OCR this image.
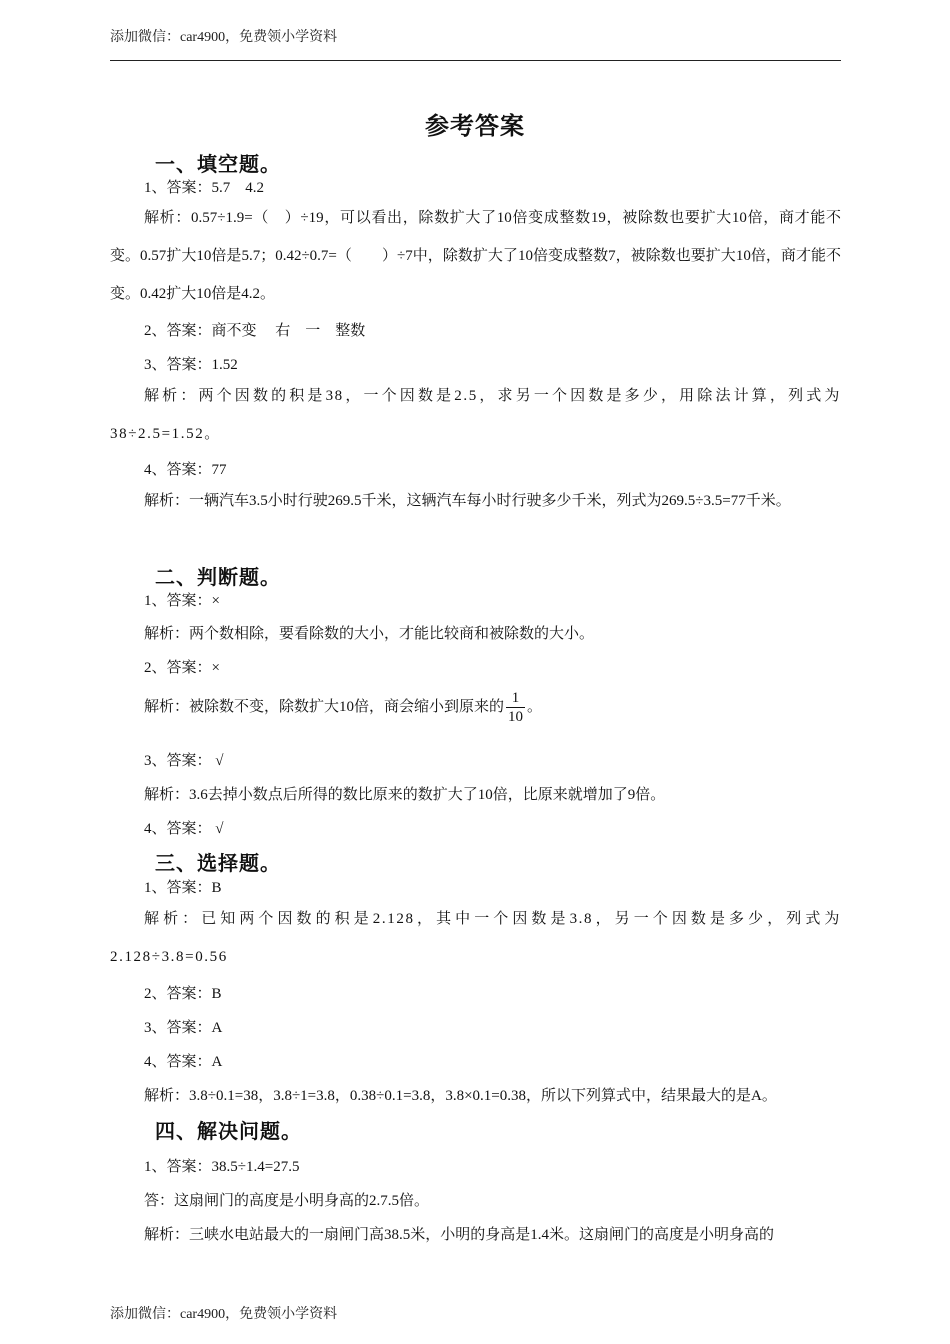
添加微信：car4900，免费领小学资料
参考答案
一、填空题。
1、答案：5.7　4.2
解析：0.57÷1.9=（　）÷19，可以看出，除数扩大了10倍变成整数19，被除数也要扩大10倍，商才能不变。0.57扩大10倍是5.7；0.42÷0.7=（　　）÷7中，除数扩大了10倍变成整数7，被除数也要扩大10倍，商才能不变。0.42扩大10倍是4.2。
2、答案：商不变　 右　一　整数
3、答案：1.52
解析：两个因数的积是38，一个因数是2.5，求另一个因数是多少，用除法计算，列式为38÷2.5=1.52。
4、答案：77
解析：一辆汽车3.5小时行驶269.5千米，这辆汽车每小时行驶多少千米，列式为269.5÷3.5=77千米。
二、判断题。
1、答案：×
解析：两个数相除，要看除数的大小，才能比较商和被除数的大小。
2、答案：×
解析：被除数不变，除数扩大10倍，商会缩小到原来的 $\frac{1}{10}$ 。
3、答案： √
解析：3.6去掉小数点后所得的数比原来的数扩大了10倍，比原来就增加了9倍。
4、答案： √
三、选择题。
1、答案：B
解析：已知两个因数的积是2.128，其中一个因数是3.8，另一个因数是多少，列式为2.128÷3.8=0.56
2、答案：B
3、答案：A
4、答案：A
解析：3.8÷0.1=38，3.8÷1=3.8，0.38÷0.1=3.8，3.8×0.1=0.38，所以下列算式中，结果最大的是A。
四、解决问题。
1、答案：38.5÷1.4=27.5
答：这扇闸门的高度是小明身高的2.7.5倍。
解析：三峡水电站最大的一扇闸门高38.5米，小明的身高是1.4米。这扇闸门的高度是小明身高的
添加微信：car4900，免费领小学资料
